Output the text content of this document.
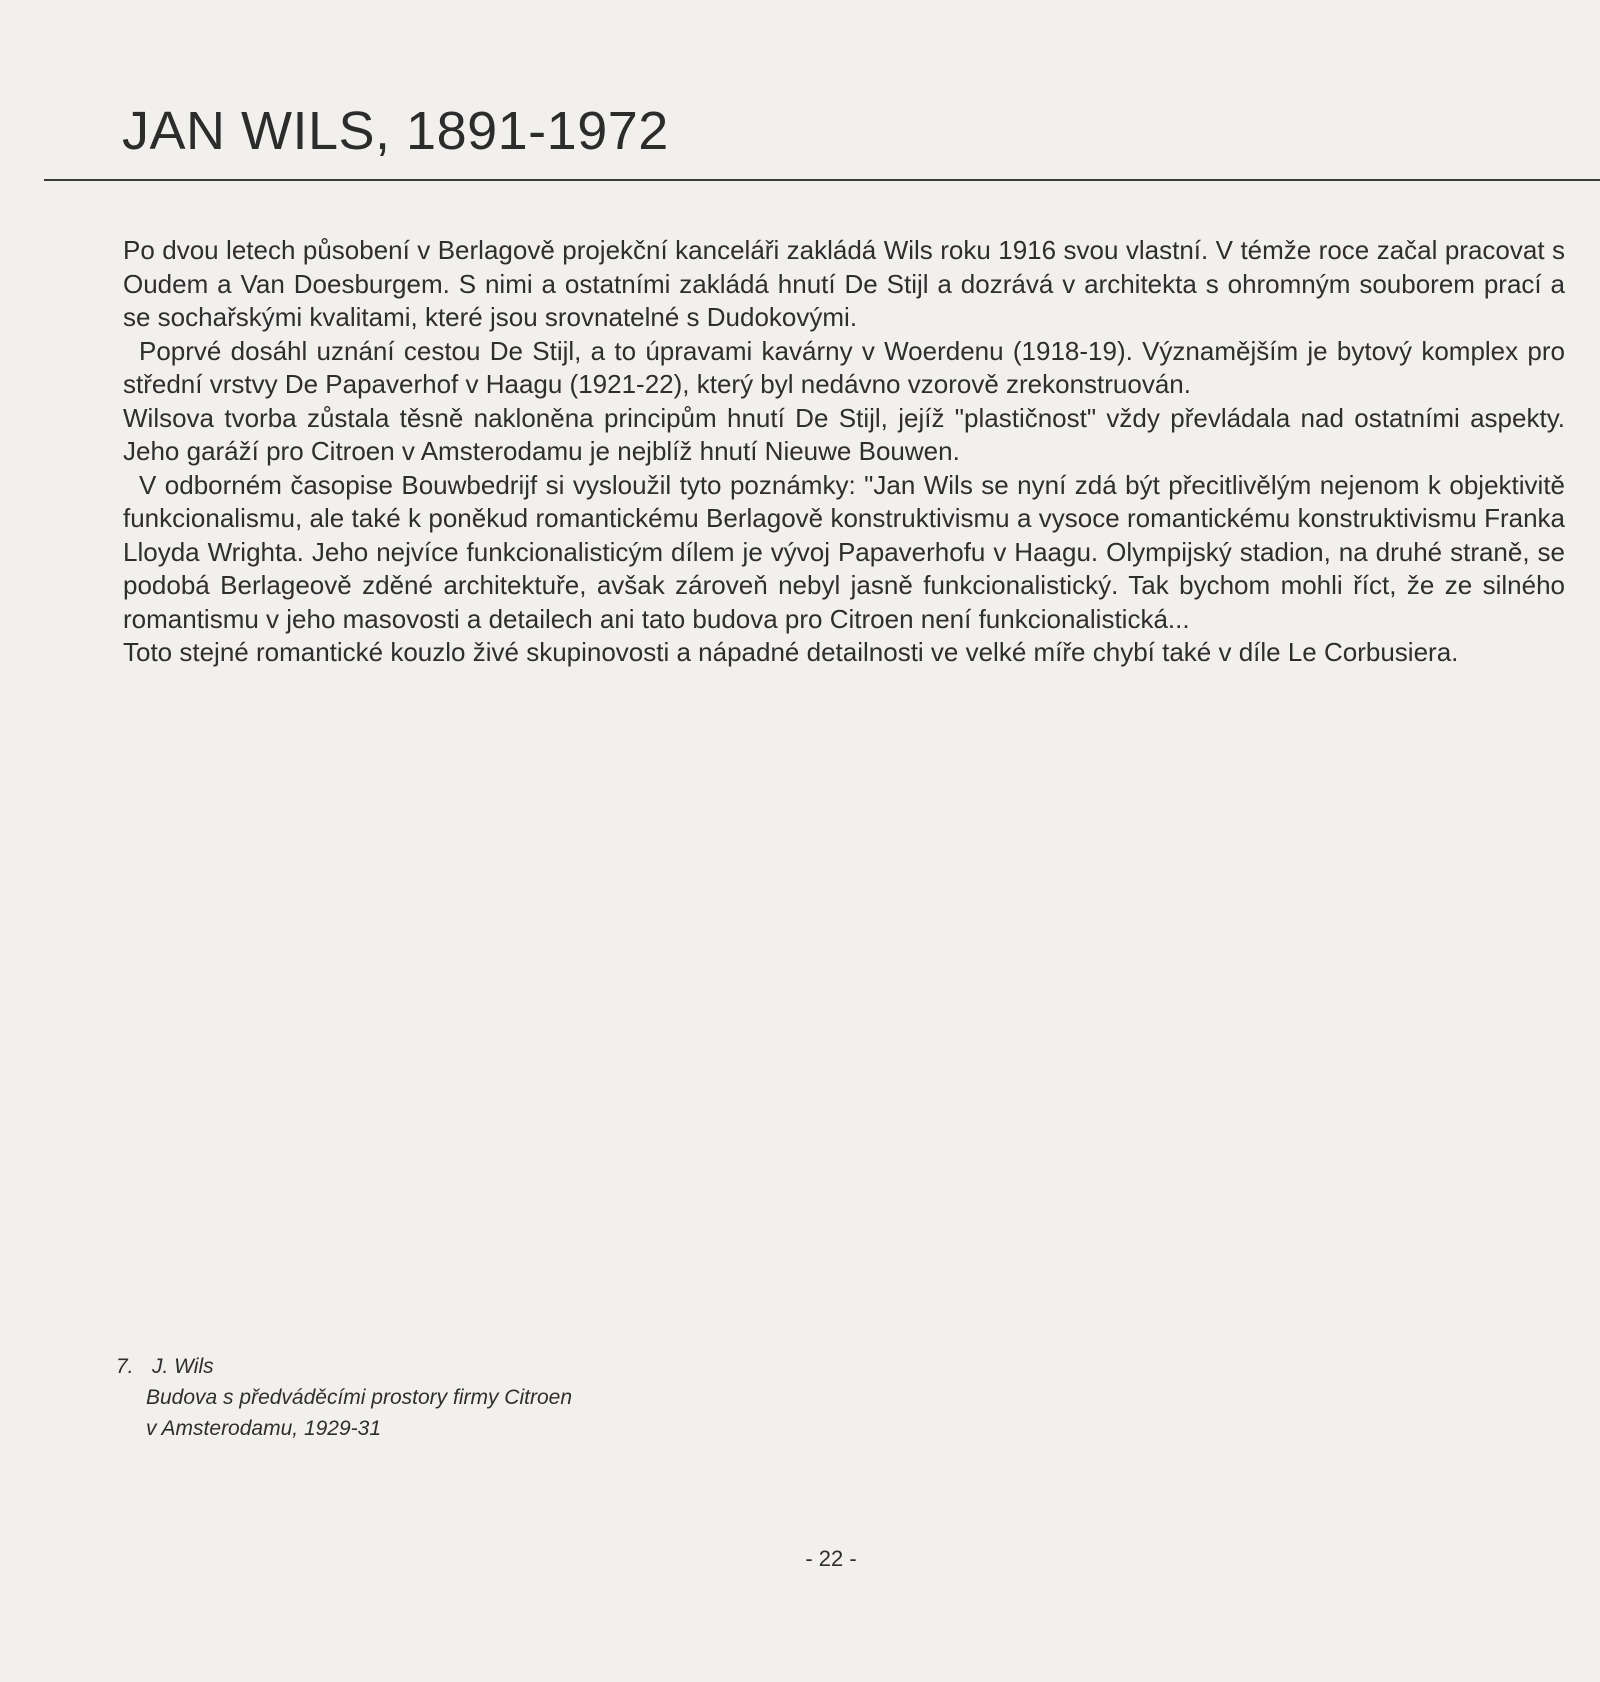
JAN WILS, 1891-1972

Po dvou letech působení v Berlagově projekční kanceláři zakládá Wils roku 1916 svou vlastní. V témže roce začal pracovat s Oudem a Van Doesburgem. S nimi a ostatními zakládá hnutí De Stijl a dozrává v architekta s ohromným souborem prací a se sochařskými kvalitami, které jsou srovnatelné s Dudokovými.

Poprvé dosáhl uznání cestou De Stijl, a to úpravami kavárny v Woerdenu (1918-19). Významějším je bytový komplex pro střední vrstvy De Papaverhof v Haagu (1921-22), který byl nedávno vzorově zrekonstruován.

Wilsova tvorba zůstala těsně nakloněna principům hnutí De Stijl, jejíž "plastičnost" vždy převládala nad ostatními aspekty. Jeho garáží pro Citroen v Amsterodamu je nejblíž hnutí Nieuwe Bouwen.

V odborném časopise Bouwbedrijf si vysloužil tyto poznámky: "Jan Wils se nyní zdá být přecitlivělým nejenom k objektivitě funkcionalismu, ale také k poněkud romantickému Berlagově konstruktivismu a vysoce romantickému konstruktivismu Franka Lloyda Wrighta. Jeho nejvíce funkcionalisticým dílem je vývoj Papaverhofu v Haagu. Olympijský stadion, na druhé straně, se podobá Berlageově zděné architektuře, avšak zároveň nebyl jasně funkcionalistický. Tak bychom mohli říct, že ze silného romantismu v jeho masovosti a detailech ani tato budova pro Citroen není funkcionalistická...

Toto stejné romantické kouzlo živé skupinovosti a nápadné detailnosti ve velké míře chybí také v díle Le Corbusiera.

7. J. Wils
Budova s předváděcími prostory firmy Citroen
v Amsterodamu, 1929-31
- 22 -
